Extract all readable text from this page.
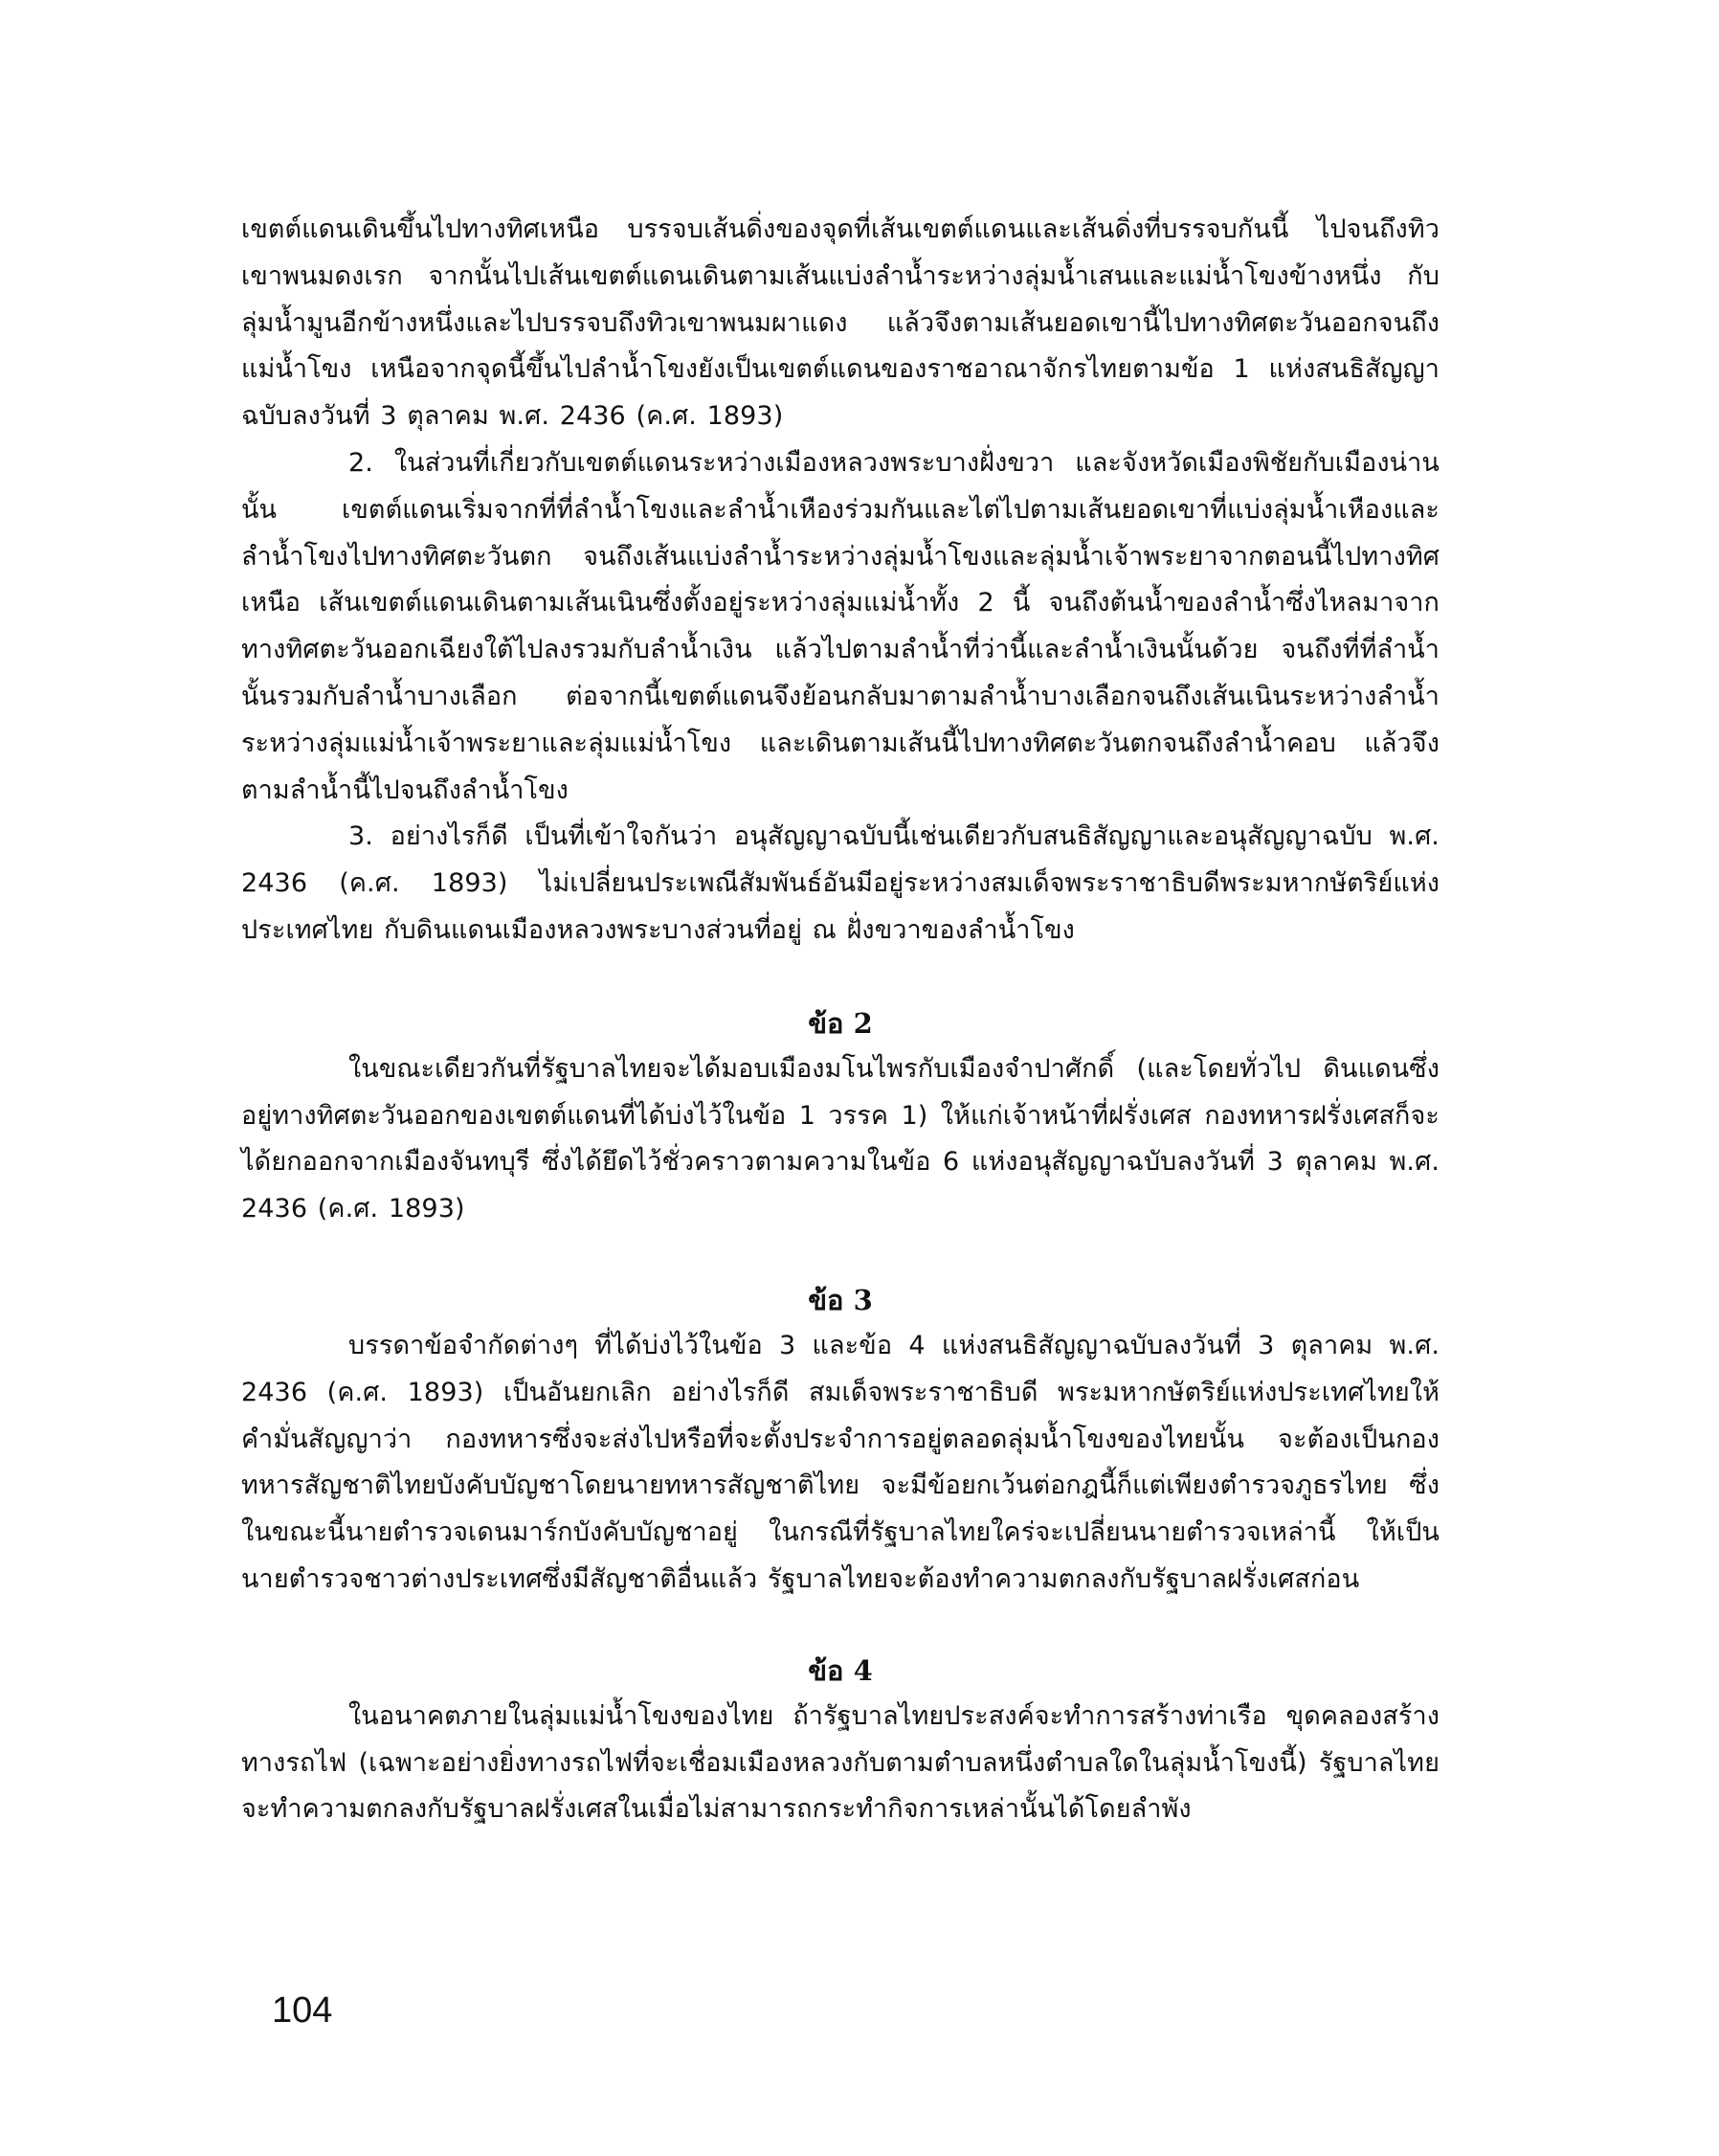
เขตต์แดนเดินขึ้นไปทางทิศเหนือ บรรจบเส้นดิ่งของจุดที่เส้นเขตต์แดนและเส้นดิ่งที่บรรจบกันนี้ ไปจนถึงทิวเขาพนมดงเรก จากนั้นไปเส้นเขตต์แดนเดินตามเส้นแบ่งลำน้ำระหว่างลุ่มน้ำเสนและแม่น้ำโขงข้างหนึ่ง กับลุ่มน้ำมูนอีกข้างหนึ่งและไปบรรจบถึงทิวเขาพนมผาแดง แล้วจึงตามเส้นยอดเขานี้ไปทางทิศตะวันออกจนถึงแม่น้ำโขง เหนือจากจุดนี้ขึ้นไปลำน้ำโขงยังเป็นเขตต์แดนของราชอาณาจักรไทยตามข้อ 1 แห่งสนธิสัญญาฉบับลงวันที่ 3 ตุลาคม พ.ศ. 2436 (ค.ศ. 1893)

2. ในส่วนที่เกี่ยวกับเขตต์แดนระหว่างเมืองหลวงพระบางฝั่งขวา และจังหวัดเมืองพิชัยกับเมืองน่านนั้น เขตต์แดนเริ่มจากที่ที่ลำน้ำโขงและลำน้ำเหืองร่วมกันและไต่ไปตามเส้นยอดเขาที่แบ่งลุ่มน้ำเหืองและลำน้ำโขงไปทางทิศตะวันตก จนถึงเส้นแบ่งลำน้ำระหว่างลุ่มน้ำโขงและลุ่มน้ำเจ้าพระยาจากตอนนี้ไปทางทิศเหนือ เส้นเขตต์แดนเดินตามเส้นเนินซึ่งตั้งอยู่ระหว่างลุ่มแม่น้ำทั้ง 2 นี้ จนถึงต้นน้ำของลำน้ำซึ่งไหลมาจากทางทิศตะวันออกเฉียงใต้ไปลงรวมกับลำน้ำเงิน แล้วไปตามลำน้ำที่ว่านี้และลำน้ำเงินนั้นด้วย จนถึงที่ที่ลำน้ำนั้นรวมกับลำน้ำบางเลือก ต่อจากนี้เขตต์แดนจึงย้อนกลับมาตามลำน้ำบางเลือกจนถึงเส้นเนินระหว่างลำน้ำระหว่างลุ่มแม่น้ำเจ้าพระยาและลุ่มแม่น้ำโขง และเดินตามเส้นนี้ไปทางทิศตะวันตกจนถึงลำน้ำคอบ แล้วจึงตามลำน้ำนี้ไปจนถึงลำน้ำโขง

3. อย่างไรก็ดี เป็นที่เข้าใจกันว่า อนุสัญญาฉบับนี้เช่นเดียวกับสนธิสัญญาและอนุสัญญาฉบับ พ.ศ. 2436 (ค.ศ. 1893) ไม่เปลี่ยนประเพณีสัมพันธ์อันมีอยู่ระหว่างสมเด็จพระราชาธิบดีพระมหากษัตริย์แห่งประเทศไทย กับดินแดนเมืองหลวงพระบางส่วนที่อยู่ ณ ฝั่งขวาของลำน้ำโขง

ข้อ 2

ในขณะเดียวกันที่รัฐบาลไทยจะได้มอบเมืองมโนไพรกับเมืองจำปาศักดิ์ (และโดยทั่วไป ดินแดนซึ่งอยู่ทางทิศตะวันออกของเขตต์แดนที่ได้บ่งไว้ในข้อ 1 วรรค 1) ให้แก่เจ้าหน้าที่ฝรั่งเศส กองทหารฝรั่งเศสก็จะได้ยกออกจากเมืองจันทบุรี ซึ่งได้ยึดไว้ชั่วคราวตามความในข้อ 6 แห่งอนุสัญญาฉบับลงวันที่ 3 ตุลาคม พ.ศ. 2436 (ค.ศ. 1893)

ข้อ 3

บรรดาข้อจำกัดต่างๆ ที่ได้บ่งไว้ในข้อ 3 และข้อ 4 แห่งสนธิสัญญาฉบับลงวันที่ 3 ตุลาคม พ.ศ. 2436 (ค.ศ. 1893) เป็นอันยกเลิก อย่างไรก็ดี สมเด็จพระราชาธิบดี พระมหากษัตริย์แห่งประเทศไทยให้คำมั่นสัญญาว่า กองทหารซึ่งจะส่งไปหรือที่จะตั้งประจำการอยู่ตลอดลุ่มน้ำโขงของไทยนั้น จะต้องเป็นกองทหารสัญชาติไทยบังคับบัญชาโดยนายทหารสัญชาติไทย จะมีข้อยกเว้นต่อกฎนี้ก็แต่เพียงตำรวจภูธรไทย ซึ่งในขณะนี้นายตำรวจเดนมาร์กบังคับบัญชาอยู่ ในกรณีที่รัฐบาลไทยใคร่จะเปลี่ยนนายตำรวจเหล่านี้ ให้เป็นนายตำรวจชาวต่างประเทศซึ่งมีสัญชาติอื่นแล้ว รัฐบาลไทยจะต้องทำความตกลงกับรัฐบาลฝรั่งเศสก่อน

ข้อ 4

ในอนาคตภายในลุ่มแม่น้ำโขงของไทย ถ้ารัฐบาลไทยประสงค์จะทำการสร้างท่าเรือ ขุดคลองสร้างทางรถไฟ (เฉพาะอย่างยิ่งทางรถไฟที่จะเชื่อมเมืองหลวงกับตามตำบลหนึ่งตำบลใดในลุ่มน้ำโขงนี้) รัฐบาลไทยจะทำความตกลงกับรัฐบาลฝรั่งเศสในเมื่อไม่สามารถกระทำกิจการเหล่านั้นได้โดยลำพัง

104
